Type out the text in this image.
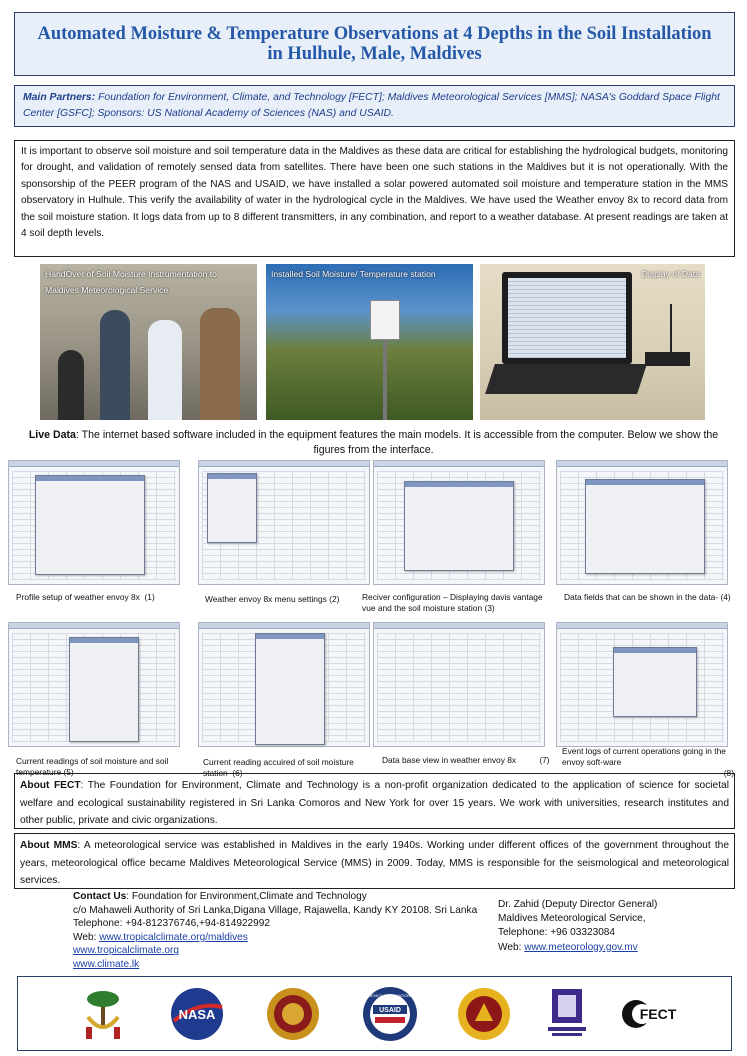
Automated Moisture & Temperature Observations at 4 Depths in the Soil Installation in Hulhule, Male, Maldives
Main Partners: Foundation for Environment, Climate, and Technology [FECT]; Maldives Meteorological Services [MMS]; NASA's Goddard Space Flight Center [GSFC]; Sponsors: US National Academy of Sciences (NAS) and USAID.
It is important to observe soil moisture and soil temperature data in the Maldives as these data are critical for establishing the hydrological budgets, monitoring for drought, and validation of remotely sensed data from satellites. There have been one such stations in the Maldives but it is not operationally. With the sponsorship of the PEER program of the NAS and USAID, we have installed a solar powered automated soil moisture and temperature station in the MMS observatory in Hulhule. This verify the availability of water in the hydrological cycle in the Maldives. We have used the Weather envoy 8x to record data from the soil moisture station. It logs data from up to 8 different transmitters, in any combination, and report to a weather database. At present readings are taken at 4 soil depth levels.
HandOver of Soil Moisture Instrumentation to Maldives Meteorological Service
Installed Soil Moisture/ Temperature station	Display of Data
Live Data: The internet based software included in the equipment features the main models. It is accessible from the computer. Below we show the figures from the interface.
Profile setup of weather envoy 8x (1)	Weather envoy 8x menu settings (2)	Reciver configuration – Displaying davis vantage vue and the soil moisture station (3)
Data fields that can be shown in the data- (4)
Current readings of soil moisture and soil temperature (5)
Current reading accuired of soil moisture station (6)
Data base view in weather envoy 8x	(7)
Event logs of current operations going in the envoy soft-ware

(8)
About FECT: The Foundation for Environment, Climate and Technology is a non-profit organization dedicated to the application of science for societal welfare and ecological sustainability registered in Sri Lanka Comoros and New York for over 15 years. We work with universities, research institutes and other public, private and civic organizations.
About MMS: A meteorological service was established in Maldives in the early 1940s. Working under different offices of the government throughout the years, meteorological office became Maldives Meteorological Service (MMS) in 2009. Today, MMS is responsible for the seismological and meteorological services.
Contact Us: Foundation for Environment,Climate and Technology
c/o Mahaweli Authority of Sri Lanka,Digana Village, Rajawella, Kandy KY 20108. Sri Lanka
Telephone: +94-812376746,+94-814922992
Web: www.tropicalclimate.org/maldives
www.tropicalclimate.org
www.climate.lk
Dr. Zahid (Deputy Director General)
Maldives Meteorological Service,
Telephone: +96 03323084
Web: www.meteorology.gov.mv
NASA	USAID
UNITED STATES AGENCY INTERNATIONAL DEVELOPMENT
FECT
